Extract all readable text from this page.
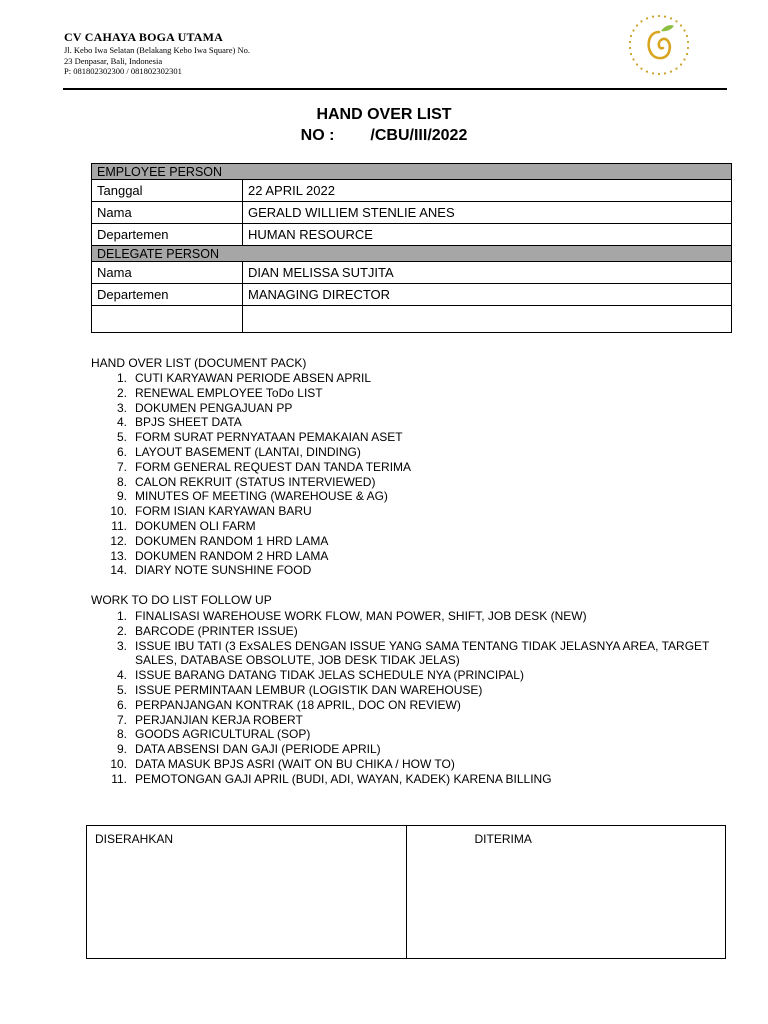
CV CAHAYA BOGA UTAMA
Jl. Kebo Iwa Selatan (Belakang Kebo Iwa Square) No.
23 Denpasar, Bali, Indonesia
P: 081802302300 / 081802302301
HAND OVER LIST
NO : /CBU/III/2022
EMPLOYEE PERSON	
Tanggal	22 APRIL 2022
Nama	GERALD WILLIEM STENLIE ANES
Departemen	HUMAN RESOURCE
DELEGATE PERSON	
Nama	DIAN MELISSA SUTJITA
Departemen	MANAGING DIRECTOR

HAND OVER LIST (DOCUMENT PACK)
1. CUTI KARYAWAN PERIODE ABSEN APRIL
2. RENEWAL EMPLOYEE ToDo LIST
3. DOKUMEN PENGAJUAN PP
4. BPJS SHEET DATA
5. FORM SURAT PERNYATAAN PEMAKAIAN ASET
6. LAYOUT BASEMENT (LANTAI, DINDING)
7. FORM GENERAL REQUEST DAN TANDA TERIMA
8. CALON REKRUIT (STATUS INTERVIEWED)
9. MINUTES OF MEETING (WAREHOUSE & AG)
10. FORM ISIAN KARYAWAN BARU
11. DOKUMEN OLI FARM
12. DOKUMEN RANDOM 1 HRD LAMA
13. DOKUMEN RANDOM 2 HRD LAMA
14. DIARY NOTE SUNSHINE FOOD
WORK TO DO LIST FOLLOW UP
1. FINALISASI WAREHOUSE WORK FLOW, MAN POWER, SHIFT, JOB DESK (NEW)
2. BARCODE (PRINTER ISSUE)
3. ISSUE IBU TATI (3 ExSALES DENGAN ISSUE YANG SAMA TENTANG TIDAK JELASNYA AREA, TARGET SALES, DATABASE OBSOLUTE, JOB DESK TIDAK JELAS)
4. ISSUE BARANG DATANG TIDAK JELAS SCHEDULE NYA (PRINCIPAL)
5. ISSUE PERMINTAAN LEMBUR (LOGISTIK DAN WAREHOUSE)
6. PERPANJANGAN KONTRAK (18 APRIL, DOC ON REVIEW)
7. PERJANJIAN KERJA ROBERT
8. GOODS AGRICULTURAL (SOP)
9. DATA ABSENSI DAN GAJI (PERIODE APRIL)
10. DATA MASUK BPJS ASRI (WAIT ON BU CHIKA / HOW TO)
11. PEMOTONGAN GAJI APRIL (BUDI, ADI, WAYAN, KADEK) KARENA BILLING
DISERAHKAN	DITERIMA
